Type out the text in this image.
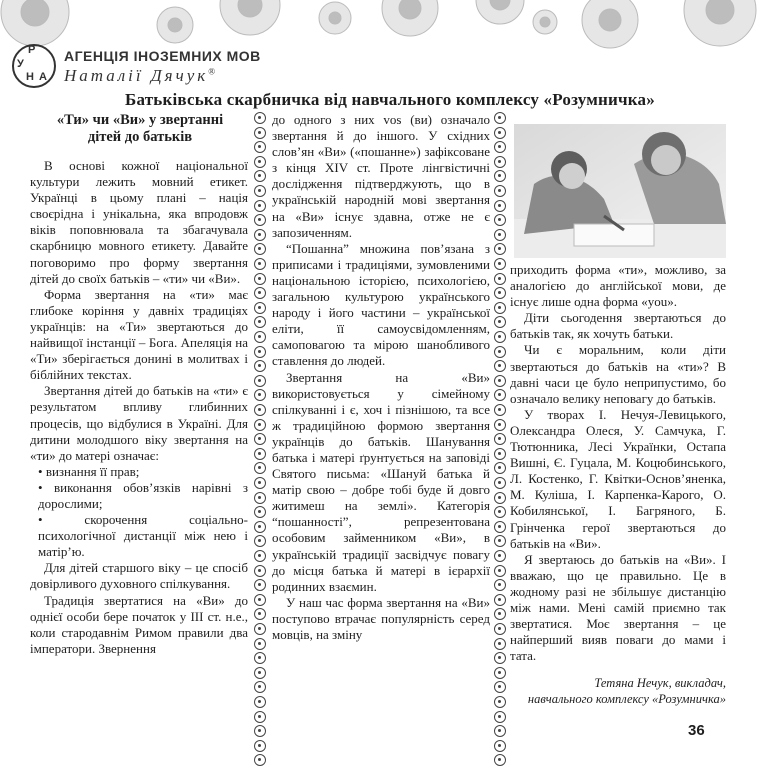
Р
У
Н А
АГЕНЦІЯ ІНОЗЕМНИХ МОВ
Наталії Дячук®
Батьківська скарбничка від навчального комплексу «Розумничка»
«Ти» чи «Ви» у звертанні дітей до батьків

В основі кожної національної культури лежить мовний етикет. Українці в цьому плані – нація своєрідна і унікальна, яка впродовж віків поповнювала та збагачувала скарбницю мовного етикету. Давайте поговоримо про форму звертання дітей до своїх батьків – «ти» чи «Ви».

Форма звертання на «ти» має глибоке коріння у давніх традиціях українців: на «Ти» звертаються до найвищої інстанції – Бога. Апеляція на «Ти» зберігається донині в молитвах і біблійних текстах.

Звертання дітей до батьків на «ти» є результатом впливу глибинних процесів, що відбулися в Україні. Для дитини молодшого віку звертання на «ти» до матері означає:

• визнання її прав;
• виконання обов’язків нарівні з дорослими;
• скорочення соціально-психологічної дистанції між нею і матір’ю.

Для дітей старшого віку – це спосіб довірливого духовного спілкування.

Традиція звертатися на «Ви» до однієї особи бере початок у III ст. н.е., коли стародавнім Римом правили два імператори. Звернення

до одного з них vos (ви) означало звертання й до іншого. У східних слов’ян «Ви» («пошанне») зафіксоване з кінця XIV ст. Проте лінгвістичні дослідження підтверджують, що в українській народній мові звертання на «Ви» існує здавна, отже не є запозиченням.

“Пошанна” множина пов’язана з приписами і традиціями, зумовленими національною історією, психологією, загальною культурою українського народу і його частини – української еліти, її самоусвідомленням, самоповагою та мірою шанобливого ставлення до людей.

Звертання на «Ви» використовується у сімейному спілкуванні і є, хоч і пізнішою, та все ж традиційною формою звертання українців до батьків. Шанування батька і матері ґрунтується на заповіді Святого письма: «Шануй батька й матір свою – добре тобі буде й довго житимеш на землі». Категорія “пошанності”, репрезентована особовим займенником «Ви», в українській традиції засвідчує повагу до місця батька й матері в ієрархії родинних взаємин.

У наш час форма звертання на «Ви» поступово втрачає популярність серед мовців, на зміну

приходить форма «ти», можливо, за аналогією до англійської мови, де існує лише одна форма «you».

Діти сьогодення звертаються до батьків так, як хочуть батьки.

Чи є моральним, коли діти звертаються до батьків на «ти»? В давні часи це було неприпустимо, бо означало велику неповагу до батьків.

У творах І. Нечуя-Левицького, Олександра Олеся, У. Самчука, Г. Тютюнника, Лесі Українки, Остапа Вишні, Є. Гуцала, М. Коцюбинського, Л. Костенко, Г. Квітки-Основ’яненка, М. Куліша, І. Карпенка-Карого, О. Кобилянської, І. Багряного, Б. Грінченка герої звертаються до батьків на «Ви».

Я звертаюсь до батьків на «Ви». І вважаю, що це правильно. Це в жодному разі не збільшує дистанцію між нами. Мені самій приємно так звертатися. Моє звертання – це найперший вияв поваги до мами і тата.

Тетяна Нечук, викладач,
навчального комплексу «Розумничка»
36
